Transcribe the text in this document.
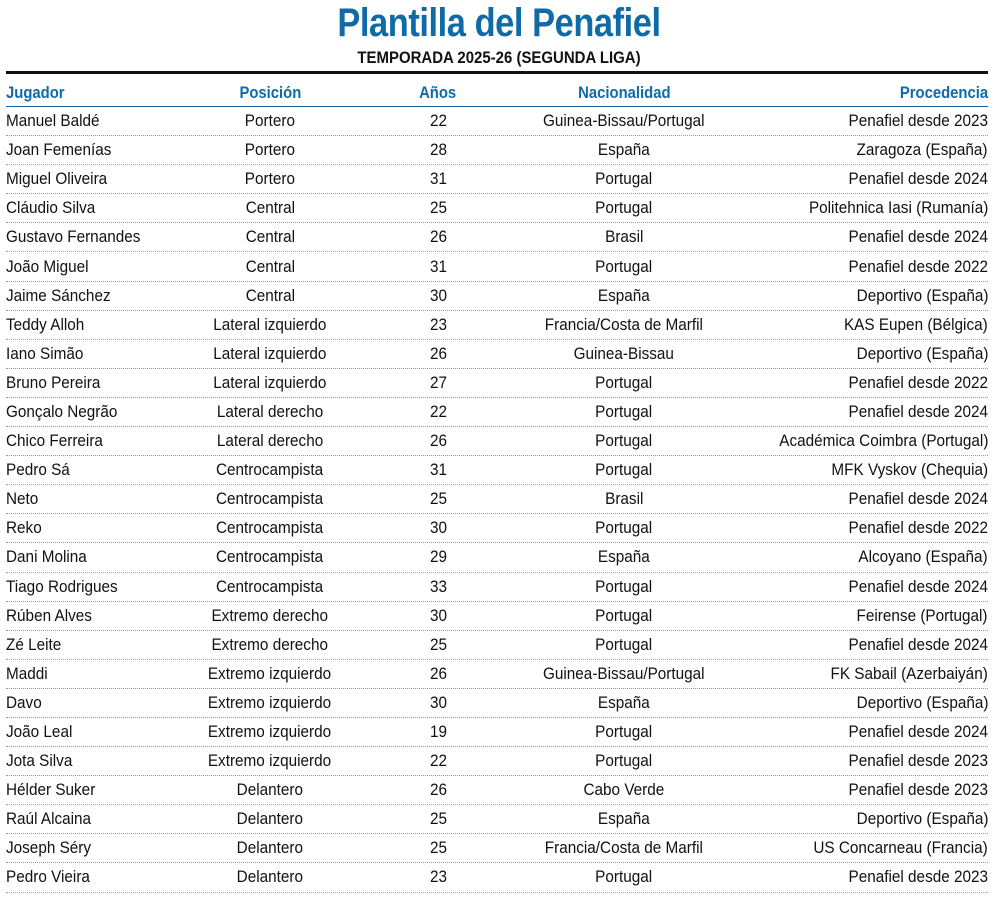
Plantilla del Penafiel
TEMPORADA 2025-26 (SEGUNDA LIGA)
Jugador	Posición	Años	Nacionalidad	Procedencia
Manuel Baldé	Portero	22	Guinea-Bissau/Portugal	Penafiel desde 2023
Joan Femenías	Portero	28	España	Zaragoza (España)
Miguel Oliveira	Portero	31	Portugal	Penafiel desde 2024
Cláudio Silva	Central	25	Portugal	Politehnica Iasi (Rumanía)
Gustavo Fernandes	Central	26	Brasil	Penafiel desde 2024
João Miguel	Central	31	Portugal	Penafiel desde 2022
Jaime Sánchez	Central	30	España	Deportivo (España)
Teddy Alloh	Lateral izquierdo	23	Francia/Costa de Marfil	KAS Eupen (Bélgica)
Iano Simão	Lateral izquierdo	26	Guinea-Bissau	Deportivo (España)
Bruno Pereira	Lateral izquierdo	27	Portugal	Penafiel desde 2022
Gonçalo Negrão	Lateral derecho	22	Portugal	Penafiel desde 2024
Chico Ferreira	Lateral derecho	26	Portugal	Académica Coimbra (Portugal)
Pedro Sá	Centrocampista	31	Portugal	MFK Vyskov (Chequia)
Neto	Centrocampista	25	Brasil	Penafiel desde 2024
Reko	Centrocampista	30	Portugal	Penafiel desde 2022
Dani Molina	Centrocampista	29	España	Alcoyano (España)
Tiago Rodrigues	Centrocampista	33	Portugal	Penafiel desde 2024
Rúben Alves	Extremo derecho	30	Portugal	Feirense (Portugal)
Zé Leite	Extremo derecho	25	Portugal	Penafiel desde 2024
Maddi	Extremo izquierdo	26	Guinea-Bissau/Portugal	FK Sabail (Azerbaiyán)
Davo	Extremo izquierdo	30	España	Deportivo (España)
João Leal	Extremo izquierdo	19	Portugal	Penafiel desde 2024
Jota Silva	Extremo izquierdo	22	Portugal	Penafiel desde 2023
Hélder Suker	Delantero	26	Cabo Verde	Penafiel desde 2023
Raúl Alcaina	Delantero	25	España	Deportivo (España)
Joseph Séry	Delantero	25	Francia/Costa de Marfil	US Concarneau (Francia)
Pedro Vieira	Delantero	23	Portugal	Penafiel desde 2023
